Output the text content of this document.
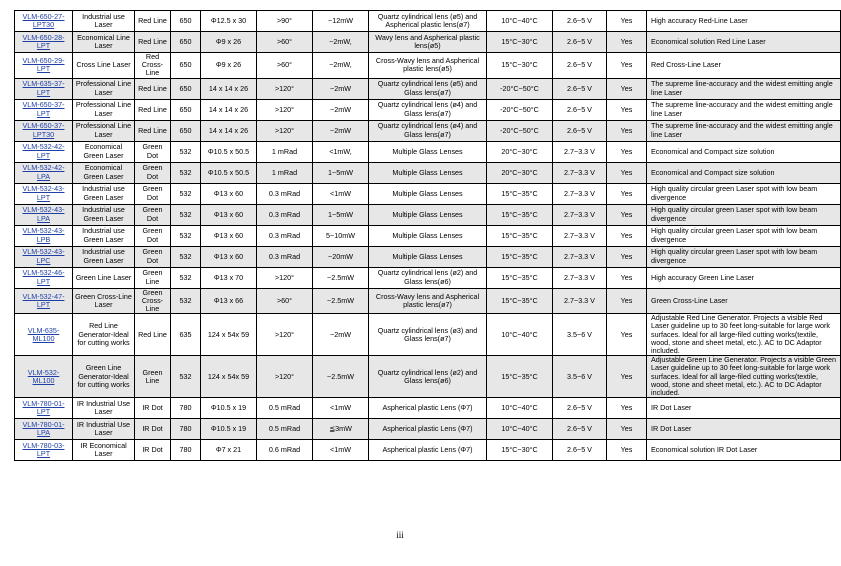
VLM-650-27-LPT30	Industrial use Laser	Red Line	650	Φ12.5 x 30	>90°	~12mW	Quartz cylindrical lens (ø5) and Aspherical plastic lens(ø7)	10°C~40°C	2.6~5 V	Yes	High accuracy Red-Line Laser
VLM-650-28-LPT	Economical Line Laser	Red Line	650	Φ9 x 26	>60°	~2mW,	Wavy lens and Aspherical plastic lens(ø5)	15°C~30°C	2.6~5 V	Yes	Economical solution Red Line Laser
VLM-650-29-LPT	Cross Line Laser	Red Cross-Line	650	Φ9 x 26	>60°	~2mW,	Cross-Wavy lens and Aspherical plastic lens(ø5)	15°C~30°C	2.6~5 V	Yes	Red Cross-Line Laser
VLM-635-37-LPT	Professional Line Laser	Red Line	650	14 x 14 x 26	>120°	~2mW	Quartz cylindrical lens (ø5) and Glass lens(ø7)	-20°C~50°C	2.6~5 V	Yes	The supreme line-accuracy and the widest emitting angle line Laser
VLM-650-37-LPT	Professional Line Laser	Red Line	650	14 x 14 x 26	>120°	~2mW	Quartz cylindrical lens (ø4) and Glass lens(ø7)	-20°C~50°C	2.6~5 V	Yes	The supreme line-accuracy and the widest emitting angle line Laser
VLM-650-37-LPT30	Professional Line Laser	Red Line	650	14 x 14 x 26	>120°	~2mW	Quartz cylindrical lens (ø4) and Glass lens(ø7)	-20°C~50°C	2.6~5 V	Yes	The supreme line-accuracy and the widest emitting angle line Laser
VLM-532-42-LPT	Economical Green Laser	Green Dot	532	Φ10.5 x 50.5	1 mRad	<1mW,	Multiple Glass Lenses	20°C~30°C	2.7~3.3 V	Yes	Economical and Compact size solution
VLM-532-42-LPA	Economical Green Laser	Green Dot	532	Φ10.5 x 50.5	1 mRad	1~5mW	Multiple Glass Lenses	20°C~30°C	2.7~3.3 V	Yes	Economical and Compact size solution
VLM-532-43-LPT	Industrial use Green Laser	Green Dot	532	Φ13 x 60	0.3 mRad	<1mW	Multiple Glass Lenses	15°C~35°C	2.7~3.3 V	Yes	High quality circular green Laser spot with low beam divergence
VLM-532-43-LPA	Industrial use Green Laser	Green Dot	532	Φ13 x 60	0.3 mRad	1~5mW	Multiple Glass Lenses	15°C~35°C	2.7~3.3 V	Yes	High quality circular green Laser spot with low beam divergence
VLM-532-43-LPB	Industrial use Green Laser	Green Dot	532	Φ13 x 60	0.3 mRad	5~10mW	Multiple Glass Lenses	15°C~35°C	2.7~3.3 V	Yes	High quality circular green Laser spot with low beam divergence
VLM-532-43-LPC	Industrial use Green Laser	Green Dot	532	Φ13 x 60	0.3 mRad	~20mW	Multiple Glass Lenses	15°C~35°C	2.7~3.3 V	Yes	High quality circular green Laser spot with low beam divergence
VLM-532-46-LPT	Green Line Laser	Green Line	532	Φ13 x 70	>120°	~2.5mW	Quartz cylindrical lens (ø2) and Glass lens(ø6)	15°C~35°C	2.7~3.3 V	Yes	High accuracy Green Line Laser
VLM-532-47-LPT	Green Cross-Line Laser	Green Cross-Line	532	Φ13 x 66	>60°	~2.5mW	Cross-Wavy lens and Aspherical plastic lens(ø7)	15°C~35°C	2.7~3.3 V	Yes	Green Cross-Line Laser
VLM-635-ML100	Red Line Generator-Ideal for cutting works	Red Line	635	124 x 54x 59	>120°	~2mW	Quartz cylindrical lens (ø3) and Glass lens(ø7)	10°C~40°C	3.5~6 V	Yes	Adjustable Red Line Generator. Projects a visible Red Laser guideline up to 30 feet long-suitable for large work surfaces. Ideal for all large-filed cutting works(textile, wood, stone and sheet metal, etc.). AC to DC Adaptor included.
VLM-532-ML100	Green Line Generator-Ideal for cutting works	Green Line	532	124 x 54x 59	>120°	~2.5mW	Quartz cylindrical lens (ø2) and Glass lens(ø6)	15°C~35°C	3.5~6 V	Yes	Adjustable Green Line Generator. Projects a visible Green Laser guideline up to 30 feet long-suitable for large work surfaces. Ideal for all large-filed cutting works(textile, wood, stone and sheet metal, etc.). AC to DC Adaptor included.
VLM-780-01-LPT	IR Industrial Use Laser	IR Dot	780	Φ10.5 x 19	0.5 mRad	<1mW	Aspherical plastic Lens (Φ7)	10°C~40°C	2.6~5 V	Yes	IR Dot Laser
VLM-780-01-LPA	IR Industrial Use Laser	IR Dot	780	Φ10.5 x 19	0.5 mRad	≦3mW	Aspherical plastic Lens (Φ7)	10°C~40°C	2.6~5 V	Yes	IR Dot Laser
VLM-780-03-LPT	IR Economical Laser	IR Dot	780	Φ7 x 21	0.6 mRad	<1mW	Aspherical plastic Lens (Φ7)	15°C~30°C	2.6~5 V	Yes	Economical solution IR Dot Laser
iii
